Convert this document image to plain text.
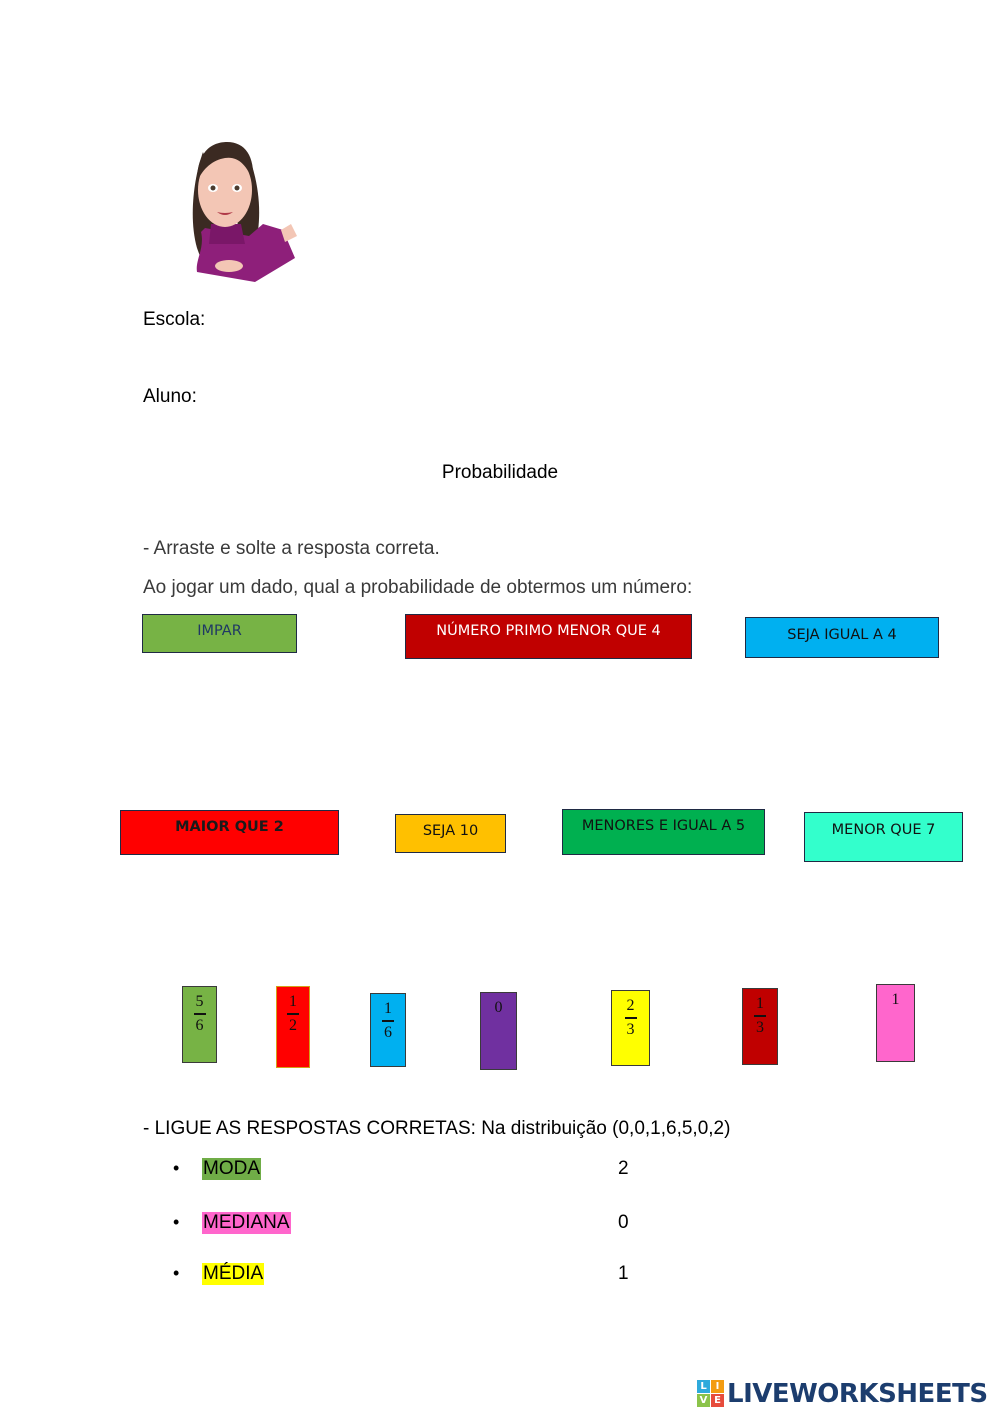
Escola:
Aluno:
Probabilidade
- Arraste e solte a resposta correta.
Ao jogar um dado, qual a probabilidade de obtermos um número:
IMPAR	NÚMERO PRIMO MENOR QUE 4	SEJA IGUAL A 4
MAIOR QUE 2	SEJA 10	MENORES E IGUAL A 5	MENOR QUE 7
5
6
1
2
1
6
0	2
3
1
3
1
- LIGUE AS RESPOSTAS CORRETAS: Na distribuição (0,0,1,6,5,0,2)
• MODA	2
• MEDIANA	0
• MÉDIA	1
L I
V E LIVEWORKSHEETS
